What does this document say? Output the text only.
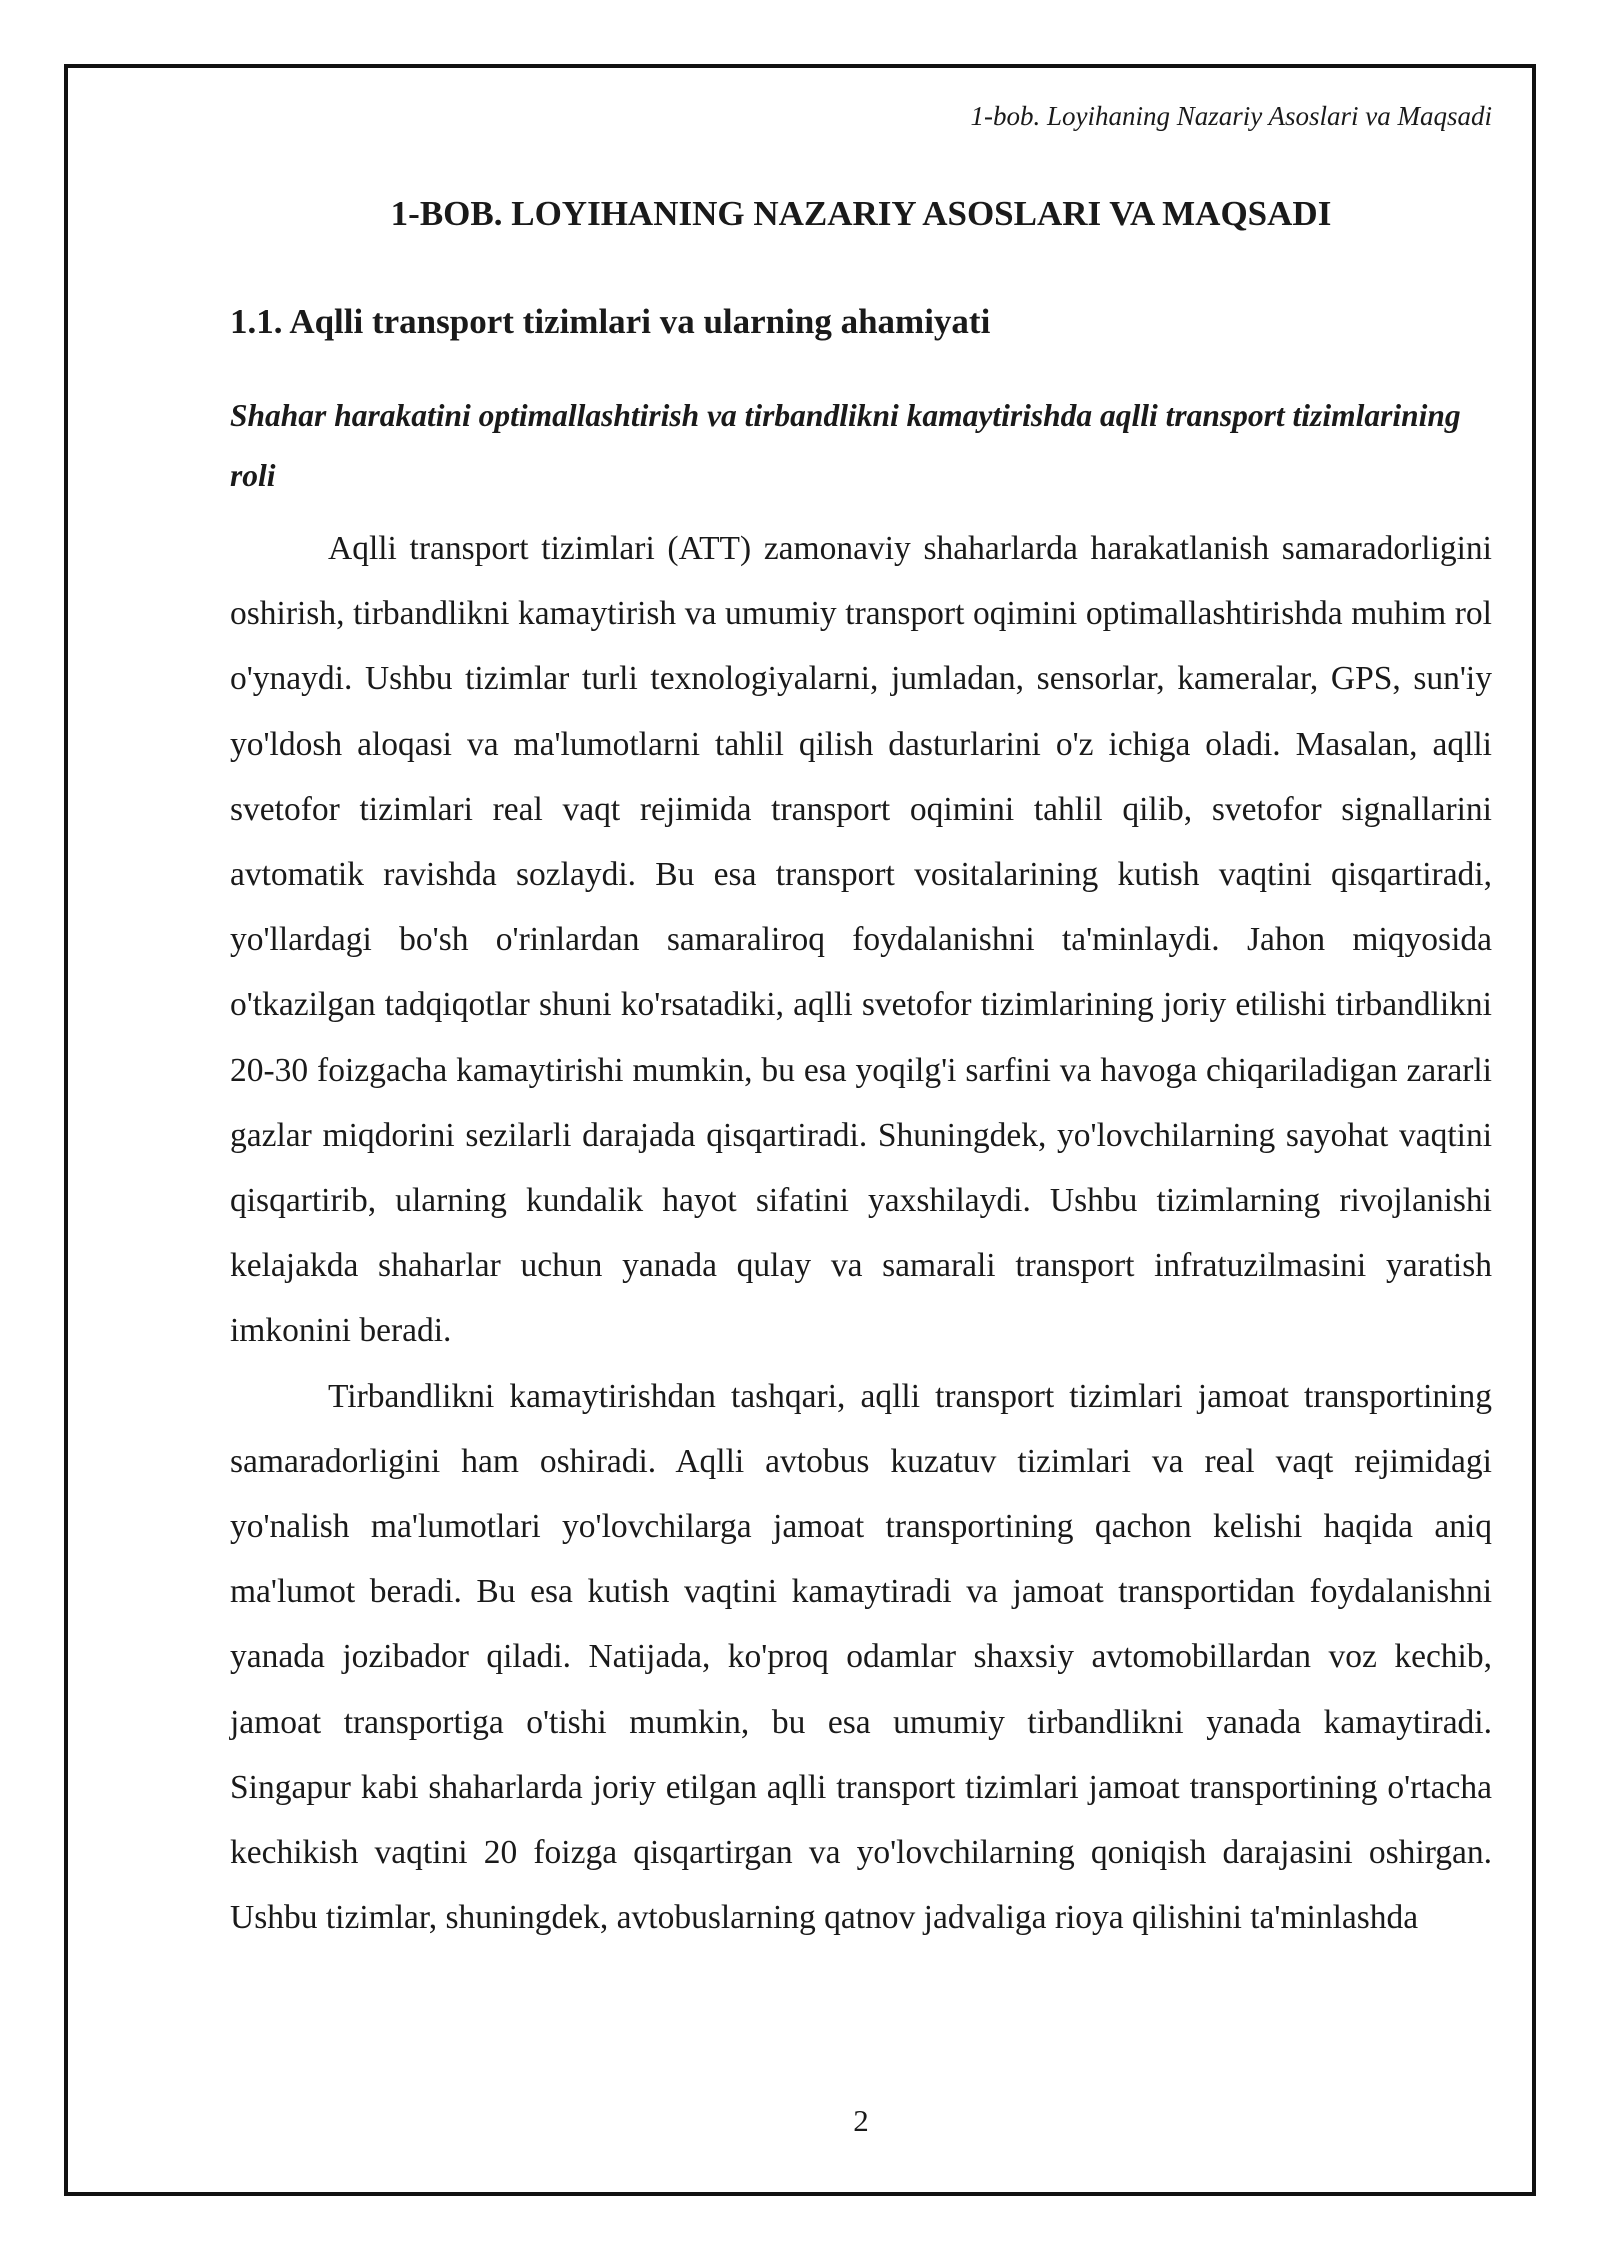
1-bob. Loyihaning Nazariy Asoslari va Maqsadi
1-BOB. LOYIHANING NAZARIY ASOSLARI VA MAQSADI
1.1. Aqlli transport tizimlari va ularning ahamiyati
Shahar harakatini optimallashtirish va tirbandlikni kamaytirishda aqlli transport tizimlarining roli

Aqlli transport tizimlari (ATT) zamonaviy shaharlarda harakatlanish samaradorligini oshirish, tirbandlikni kamaytirish va umumiy transport oqimini optimallashtirishda muhim rol o'ynaydi. Ushbu tizimlar turli texnologiyalarni, jumladan, sensorlar, kameralar, GPS, sun'iy yo'ldosh aloqasi va ma'lumotlarni tahlil qilish dasturlarini o'z ichiga oladi. Masalan, aqlli svetofor tizimlari real vaqt rejimida transport oqimini tahlil qilib, svetofor signallarini avtomatik ravishda sozlaydi. Bu esa transport vositalarining kutish vaqtini qisqartiradi, yo'llardagi bo'sh o'rinlardan samaraliroq foydalanishni ta'minlaydi. Jahon miqyosida o'tkazilgan tadqiqotlar shuni ko'rsatadiki, aqlli svetofor tizimlarining joriy etilishi tirbandlikni 20-30 foizgacha kamaytirishi mumkin, bu esa yoqilg'i sarfini va havoga chiqariladigan zararli gazlar miqdorini sezilarli darajada qisqartiradi. Shuningdek, yo'lovchilarning sayohat vaqtini qisqartirib, ularning kundalik hayot sifatini yaxshilaydi. Ushbu tizimlarning rivojlanishi kelajakda shaharlar uchun yanada qulay va samarali transport infratuzilmasini yaratish imkonini beradi.

Tirbandlikni kamaytirishdan tashqari, aqlli transport tizimlari jamoat transportining samaradorligini ham oshiradi. Aqlli avtobus kuzatuv tizimlari va real vaqt rejimidagi yo'nalish ma'lumotlari yo'lovchilarga jamoat transportining qachon kelishi haqida aniq ma'lumot beradi. Bu esa kutish vaqtini kamaytiradi va jamoat transportidan foydalanishni yanada jozibador qiladi. Natijada, ko'proq odamlar shaxsiy avtomobillardan voz kechib, jamoat transportiga o'tishi mumkin, bu esa umumiy tirbandlikni yanada kamaytiradi. Singapur kabi shaharlarda joriy etilgan aqlli transport tizimlari jamoat transportining o'rtacha kechikish vaqtini 20 foizga qisqartirgan va yo'lovchilarning qoniqish darajasini oshirgan. Ushbu tizimlar, shuningdek, avtobuslarning qatnov jadvaliga rioya qilishini ta'minlashda

2
